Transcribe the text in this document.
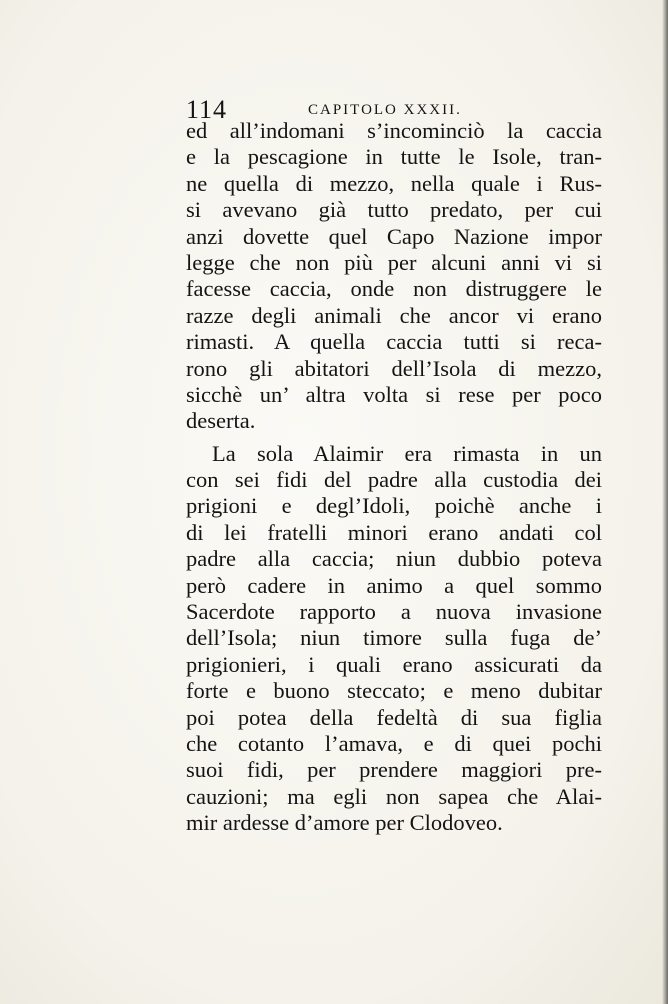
114	CAPITOLO XXXII.
ed all’indomani s’incominciò la caccia
e la pescagione in tutte le Isole, tran-
ne quella di mezzo, nella quale i Rus-
si avevano già tutto predato, per cui
anzi dovette quel Capo Nazione impor
legge che non più per alcuni anni vi si
facesse caccia, onde non distruggere le
razze degli animali che ancor vi erano
rimasti. A quella caccia tutti si reca-
rono gli abitatori dell’Isola di mezzo,
sicchè un’ altra volta si rese per poco
deserta.
La sola Alaimir era rimasta in un
con sei fidi del padre alla custodia dei
prigioni e degl’Idoli, poichè anche i
di lei fratelli minori erano andati col
padre alla caccia; niun dubbio poteva
però cadere in animo a quel sommo
Sacerdote rapporto a nuova invasione
dell’Isola; niun timore sulla fuga de’
prigionieri, i quali erano assicurati da
forte e buono steccato; e meno dubitar
poi potea della fedeltà di sua figlia
che cotanto l’amava, e di quei pochi
suoi fidi, per prendere maggiori pre-
cauzioni; ma egli non sapea che Alai-
mir ardesse d’amore per Clodoveo.
